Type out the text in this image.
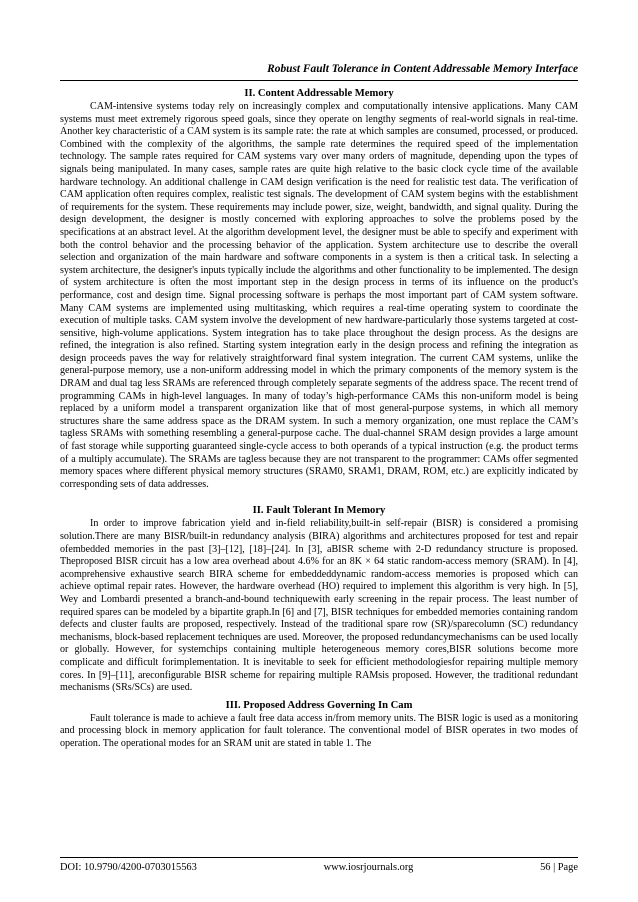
Robust Fault Tolerance in Content Addressable Memory Interface
II. Content Addressable Memory

CAM-intensive systems today rely on increasingly complex and computationally intensive applications. Many CAM systems must meet extremely rigorous speed goals, since they operate on lengthy segments of real-world signals in real-time. Another key characteristic of a CAM system is its sample rate: the rate at which samples are consumed, processed, or produced. Combined with the complexity of the algorithms, the sample rate determines the required speed of the implementation technology. The sample rates required for CAM systems vary over many orders of magnitude, depending upon the types of signals being manipulated. In many cases, sample rates are quite high relative to the basic clock cycle time of the available hardware technology. An additional challenge in CAM design verification is the need for realistic test data. The verification of CAM application often requires complex, realistic test signals. The development of CAM system begins with the establishment of requirements for the system. These requirements may include power, size, weight, bandwidth, and signal quality. During the design development, the designer is mostly concerned with exploring approaches to solve the problems posed by the specifications at an abstract level. At the algorithm development level, the designer must be able to specify and experiment with both the control behavior and the processing behavior of the application. System architecture use to describe the overall selection and organization of the main hardware and software components in a system is then a critical task. In selecting a system architecture, the designer's inputs typically include the algorithms and other functionality to be implemented. The design of system architecture is often the most important step in the design process in terms of its influence on the product's performance, cost and design time. Signal processing software is perhaps the most important part of CAM system software. Many CAM systems are implemented using multitasking, which requires a real-time operating system to coordinate the execution of multiple tasks. CAM system involve the development of new hardware-particularly those systems targeted at cost-sensitive, high-volume applications. System integration has to take place throughout the design process. As the designs are refined, the integration is also refined. Starting system integration early in the design process and refining the integration as design proceeds paves the way for relatively straightforward final system integration. The current CAM systems, unlike the general-purpose memory, use a non-uniform addressing model in which the primary components of the memory system is the DRAM and dual tag less SRAMs are referenced through completely separate segments of the address space. The recent trend of programming CAMs in high-level languages. In many of today’s high-performance CAMs this non-uniform model is being replaced by a uniform model a transparent organization like that of most general-purpose systems, in which all memory structures share the same address space as the DRAM system. In such a memory organization, one must replace the CAM’s tagless SRAMs with something resembling a general-purpose cache. The dual-channel SRAM design provides a large amount of fast storage while supporting guaranteed single-cycle access to both operands of a typical instruction (e.g. the product terms of a multiply accumulate). The SRAMs are tagless because they are not transparent to the programmer: CAMs offer segmented memory spaces where different physical memory structures (SRAM0, SRAM1, DRAM, ROM, etc.) are explicitly indicated by corresponding sets of data addresses.

II. Fault Tolerant In Memory

In order to improve fabrication yield and in-field reliability,built-in self-repair (BISR) is considered a promising solution.There are many BISR/built-in redundancy analysis (BIRA) algorithms and architectures proposed for test and repair ofembedded memories in the past [3]–[12], [18]–[24]. In [3], aBISR scheme with 2-D redundancy structure is proposed. Theproposed BISR circuit has a low area overhead about 4.6% for an 8K × 64 static random-access memory (SRAM). In [4], acomprehensive exhaustive search BIRA scheme for embeddeddynamic random-access memories is proposed which can achieve optimal repair rates. However, the hardware overhead (HO) required to implement this algorithm is very high. In [5], Wey and Lombardi presented a branch-and-bound techniquewith early screening in the repair process. The least number of required spares can be modeled by a bipartite graph.In [6] and [7], BISR techniques for embedded memories containing random defects and cluster faults are proposed, respectively. Instead of the traditional spare row (SR)/sparecolumn (SC) redundancy mechanisms, block-based replacement techniques are used. Moreover, the proposed redundancymechanisms can be used locally or globally. However, for systemchips containing multiple heterogeneous memory cores,BISR solutions become more complicate and difficult forimplementation. It is inevitable to seek for efficient methodologiesfor repairing multiple memory cores. In [9]–[11], areconfigurable BISR scheme for repairing multiple RAMsis proposed. However, the traditional redundant mechanisms (SRs/SCs) are used.

III. Proposed Address Governing In Cam

Fault tolerance is made to achieve a fault free data access in/from memory units. The BISR logic is used as a monitoring and processing block in memory application for fault tolerance. The conventional model of BISR operates in two modes of operation. The operational modes for an SRAM unit are stated in table 1. The

DOI: 10.9790/4200-0703015563	www.iosrjournals.org	56 | Page
